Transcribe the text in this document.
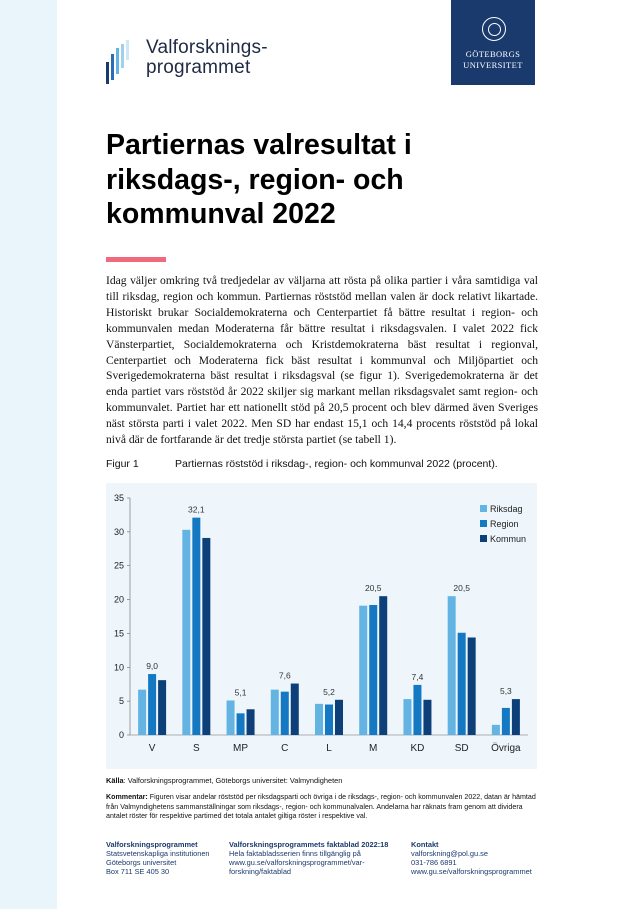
Valforsknings-
programmet
GÖTEBORGS
UNIVERSITET
Partiernas valresultat i riksdags-, region- och kommunval 2022

Idag väljer omkring två tredjedelar av väljarna att rösta på olika partier i våra samtidiga val till riksdag, region och kommun. Partiernas röststöd mellan valen är dock relativt likartade. Historiskt brukar Socialdemokraterna och Centerpartiet få bättre resultat i region- och kommunvalen medan Moderaterna får bättre resultat i riksdagsvalen. I valet 2022 fick Vänsterpartiet, Socialdemokraterna och Kristdemokraterna bäst resultat i regionval, Centerpartiet och Moderaterna fick bäst resultat i kommunval och Miljöpartiet och Sverigedemokraterna bäst resultat i riksdagsval (se figur 1). Sverigedemokraterna är det enda partiet vars röststöd år 2022 skiljer sig markant mellan riksdagsvalet samt region- och kommunvalet. Partiet har ett nationellt stöd på 20,5 procent och blev därmed även Sveriges näst största parti i valet 2022. Men SD har endast 15,1 och 14,4 procents röststöd på lokal nivå där de fortfarande är det tredje största partiet (se tabell 1).

Figur 1	Partiernas röststöd i riksdag-, region- och kommunval 2022 (procent).
0
5
10
15
20
25
30
35
V
9,0
S
32,1
MP
5,1
C
7,6
L
5,2
M
20,5
KD
7,4
SD
20,5
Övriga
5,3
Riksdag
Region
Kommun
Källa: Valforskningsprogrammet, Göteborgs universitet: Valmyndigheten

Kommentar: Figuren visar andelar röststöd per riksdagsparti och övriga i de riksdags-, region- och kommunvalen 2022, datan är hämtad från Valmyndighetens sammanställningar som riksdags-, region- och kommunalvalen. Andelarna har räknats fram genom att dividera antalet röster för respektive partimed det totala antalet giltiga röster i respektive val.

Valforskningsprogrammet
Statsvetenskapliga institutionen
Göteborgs universitet
Box 711 SE 405 30
Valforskningsprogrammets faktablad 2022:18
Hela faktabladsserien finns tillgänglig på
www.gu.se/valforskningsprogrammet/var-
forskning/faktablad
Kontakt
valforskning@pol.gu.se
031-786 6891
www.gu.se/valforskningsprogrammet
